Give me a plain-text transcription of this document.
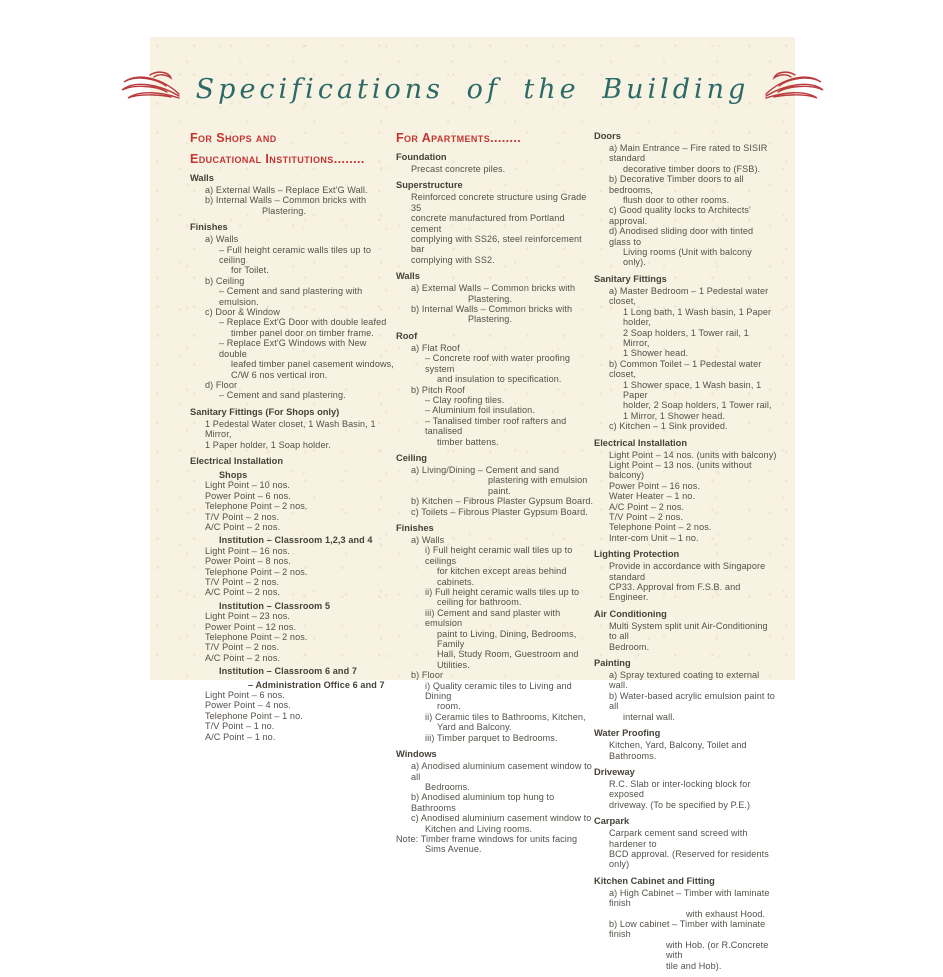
Specifications of the Building
For Shops and
Educational Institutions........
Walls
a) External Walls – Replace Ext'G Wall.
b) Internal Walls – Common bricks with
Plastering.
Finishes
a) Walls
– Full height ceramic walls tiles up to ceiling
for Toilet.
b) Ceiling
– Cement and sand plastering with emulsion.
c) Door & Window
– Replace Ext'G Door with double leafed
timber panel door on timber frame.
– Replace Ext'G Windows with New double
leafed timber panel casement windows,
C/W 6 nos vertical iron.
d) Floor
– Cement and sand plastering.
Sanitary Fittings (For Shops only)
1 Pedestal Water closet, 1 Wash Basin, 1 Mirror,
1 Paper holder, 1 Soap holder.
Electrical Installation
Shops
Light Point – 10 nos.
Power Point – 6 nos.
Telephone Point – 2 nos.
T/V Point – 2 nos.
A/C Point – 2 nos.
Institution – Classroom 1,2,3 and 4
Light Point – 16 nos.
Power Point – 8 nos.
Telephone Point – 2 nos.
T/V Point – 2 nos.
A/C Point – 2 nos.
Institution – Classroom 5
Light Point – 23 nos.
Power Point – 12 nos.
Telephone Point – 2 nos.
T/V Point – 2 nos.
A/C Point – 2 nos.
Institution – Classroom 6 and 7
– Administration Office 6 and 7
Light Point – 6 nos.
Power Point – 4 nos.
Telephone Point – 1 no.
T/V Point – 1 no.
A/C Point – 1 no.
For Apartments........
Foundation
Precast concrete piles.
Superstructure
Reinforced concrete structure using Grade 35
concrete manufactured from Portland cement
complying with SS26, steel reinforcement bar
complying with SS2.
Walls
a) External Walls – Common bricks with
Plastering.
b) Internal Walls – Common bricks with
Plastering.
Roof
a) Flat Roof
– Concrete roof with water proofing system
and insulation to specification.
b) Pitch Roof
– Clay roofing tiles.
– Aluminium foil insulation.
– Tanalised timber roof rafters and tanalised
timber battens.
Ceiling
a) Living/Dining – Cement and sand
plastering with emulsion paint.
b) Kitchen – Fibrous Plaster Gypsum Board.
c) Toilets – Fibrous Plaster Gypsum Board.
Finishes
a) Walls
i) Full height ceramic wall tiles up to ceilings
for kitchen except areas behind cabinets.
ii) Full height ceramic walls tiles up to
ceiling for bathroom.
iii) Cement and sand plaster with emulsion
paint to Living, Dining, Bedrooms, Family
Hall, Study Room, Guestroom and Utilities.
b) Floor
i) Quality ceramic tiles to Living and Dining
room.
ii) Ceramic tiles to Bathrooms, Kitchen,
Yard and Balcony.
iii) Timber parquet to Bedrooms.
Windows
a) Anodised aluminium casement window to all
Bedrooms.
b) Anodised aluminium top hung to Bathrooms
c) Anodised aluminium casement window to
Kitchen and Living rooms.
Note: Timber frame windows for units facing
Sims Avenue.
Doors
a) Main Entrance – Fire rated to SISIR standard
decorative timber doors to (FSB).
b) Decorative Timber doors to all bedrooms,
flush door to other rooms.
c) Good quality locks to Architects' approval.
d) Anodised sliding door with tinted glass to
Living rooms (Unit with balcony only).
Sanitary Fittings
a) Master Bedroom – 1 Pedestal water closet,
1 Long bath, 1 Wash basin, 1 Paper holder,
2 Soap holders, 1 Tower rail, 1 Mirror,
1 Shower head.
b) Common Toilet – 1 Pedestal water closet,
1 Shower space, 1 Wash basin, 1 Paper
holder, 2 Soap holders, 1 Tower rail,
1 Mirror, 1 Shower head.
c) Kitchen – 1 Sink provided.
Electrical Installation
Light Point – 14 nos. (units with balcony)
Light Point – 13 nos. (units without balcony)
Power Point – 16 nos.
Water Heater – 1 no.
A/C Point – 2 nos.
T/V Point – 2 nos.
Telephone Point – 2 nos.
Inter-com Unit – 1 no.
Lighting Protection
Provide in accordance with Singapore standard
CP33. Approval from F.S.B. and Engineer.
Air Conditioning
Multi System split unit Air-Conditioning to all
Bedroom.
Painting
a) Spray textured coating to external wall.
b) Water-based acrylic emulsion paint to all
internal wall.
Water Proofing
Kitchen, Yard, Balcony, Toilet and Bathrooms.
Driveway
R.C. Slab or inter-locking block for exposed
driveway. (To be specified by P.E.)
Carpark
Carpark cement sand screed with hardener to
BCD approval. (Reserved for residents only)
Kitchen Cabinet and Fitting
a) High Cabinet – Timber with laminate finish
with exhaust Hood.
b) Low cabinet – Timber with laminate finish
with Hob. (or R.Concrete with
tile and Hob).
